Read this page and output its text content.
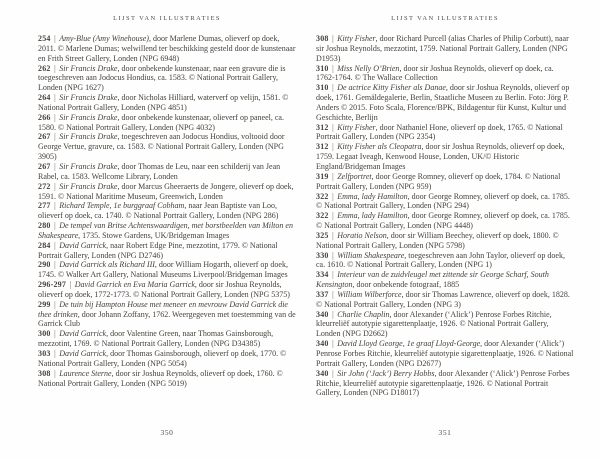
LIJST VAN ILLUSTRATIES

254 | Amy-Blue (Amy Winehouse), door Marlene Dumas, olieverf op doek, 2011. © Marlene Dumas; welwillend ter beschikking gesteld door de kunstenaar en Frith Street Gallery, Londen (NPG 6948)

262 | Sir Francis Drake, door onbekende kunstenaar, naar een gravure die is toegeschreven aan Jodocus Hondius, ca. 1583. © National Portrait Gallery, Londen (NPG 1627)

264 | Sir Francis Drake, door Nicholas Hilliard, waterverf op velijn, 1581. © National Portrait Gallery, Londen (NPG 4851)

266 | Sir Francis Drake, door onbekende kunstenaar, olieverf op paneel, ca. 1580. © National Portrait Gallery, Londen (NPG 4032)

267 | Sir Francis Drake, toegeschreven aan Jodocus Hondius, voltooid door George Vertue, gravure, ca. 1583. © National Portrait Gallery, Londen (NPG 3905)

267 | Sir Francis Drake, door Thomas de Leu, naar een schilderij van Jean Rabel, ca. 1583. Wellcome Library, Londen

272 | Sir Francis Drake, door Marcus Gheeraerts de Jongere, olieverf op doek, 1591. © National Maritime Museum, Greenwich, Londen

277 | Richard Temple, 1e burggraaf Cobham, naar Jean Baptiste van Loo, olieverf op doek, ca. 1740. © National Portrait Gallery, Londen (NPG 286)

280 | De tempel van Britse Achtenswaardigen, met borstbeelden van Milton en Shakespeare, 1735. Stowe Gardens, UK/Bridgeman Images

284 | David Garrick, naar Robert Edge Pine, mezzotint, 1779. © National Portrait Gallery, Londen (NPG D2746)

290 | David Garrick als Richard III, door William Hogarth, olieverf op doek, 1745. © Walker Art Gallery, National Museums Liverpool/Bridgeman Images

296-297 | David Garrick en Eva Maria Garrick, door sir Joshua Reynolds, olieverf op doek, 1772-1773. © National Portrait Gallery, Londen (NPG 5375)

299 | De tuin bij Hampton House met meneer en mevrouw David Garrick die thee drinken, door Johann Zoffany, 1762. Weergegeven met toestemming van de Garrick Club

300 | David Garrick, door Valentine Green, naar Thomas Gainsborough, mezzotint, 1769. © National Portrait Gallery, Londen (NPG D34385)

303 | David Garrick, door Thomas Gainsborough, olieverf op doek, 1770. © National Portrait Gallery, Londen (NPG 5054)

308 | Laurence Sterne, door sir Joshua Reynolds, olieverf op doek, 1760. © National Portrait Gallery, Londen (NPG 5019)

350
LIJST VAN ILLUSTRATIES

308 | Kitty Fisher, door Richard Purcell (alias Charles of Philip Corbutt), naar sir Joshua Reynolds, mezzotint, 1759. National Portrait Gallery, Londen (NPG D1953)

310 | Miss Nelly O’Brien, door sir Joshua Reynolds, olieverf op doek, ca. 1762-1764. © The Wallace Collection

310 | De actrice Kitty Fisher als Danae, door sir Joshua Reynolds, olieverf op doek, 1761. Gemäldegalerie, Berlin, Staatliche Museen zu Berlin. Foto: Jörg P. Anders © 2015. Foto Scala, Florence/BPK, Bildagentur für Kunst, Kultur und Geschichte, Berlijn

312 | Kitty Fisher, door Nathaniel Hone, olieverf op doek, 1765. © National Portrait Gallery, Londen (NPG 2354)

312 | Kitty Fisher als Cleopatra, door sir Joshua Reynolds, olieverf op doek, 1759. Legaat Iveagh, Kenwood House, Londen, UK/© Historic England/Bridgeman Images

319 | Zelfportret, door George Romney, olieverf op doek, 1784. © National Portrait Gallery, Londen (NPG 959)

322 | Emma, lady Hamilton, door George Romney, olieverf op doek, ca. 1785. © National Portrait Gallery, Londen (NPG 294)

322 | Emma, lady Hamilton, door George Romney, olieverf op doek, ca. 1785. © National Portrait Gallery, Londen (NPG 4448)

325 | Horatio Nelson, door sir William Beechey, olieverf op doek, 1800. © National Portrait Gallery, Londen (NPG 5798)

330 | William Shakespeare, toegeschreven aan John Taylor, olieverf op doek, ca. 1610. © National Portrait Gallery, Londen (NPG 1)

334 | Interieur van de zuidvleugel met zittende sir George Scharf, South Kensington, door onbekende fotograaf, 1885

337 | William Wilberforce, door sir Thomas Lawrence, olieverf op doek, 1828. © National Portrait Gallery, Londen (NPG 3)

340 | Charlie Chaplin, door Alexander (‘Alick’) Penrose Forbes Ritchie, kleurreliëf autotypie sigarettenplaatje, 1926. © National Portrait Gallery, Londen (NPG D2662)

340 | David Lloyd George, 1e graaf Lloyd-George, door Alexander (‘Alick’) Penrose Forbes Ritchie, kleurreliëf autotypie sigarettenplaatje, 1926. © National Portrait Gallery, Londen (NPG D2677)

340 | Sir John (‘Jack’) Berry Hobbs, door Alexander (‘Alick’) Penrose Forbes Ritchie, kleurreliëf autotypie sigarettenplaatje, 1926. © National Portrait Gallery, Londen (NPG D18017)

351
